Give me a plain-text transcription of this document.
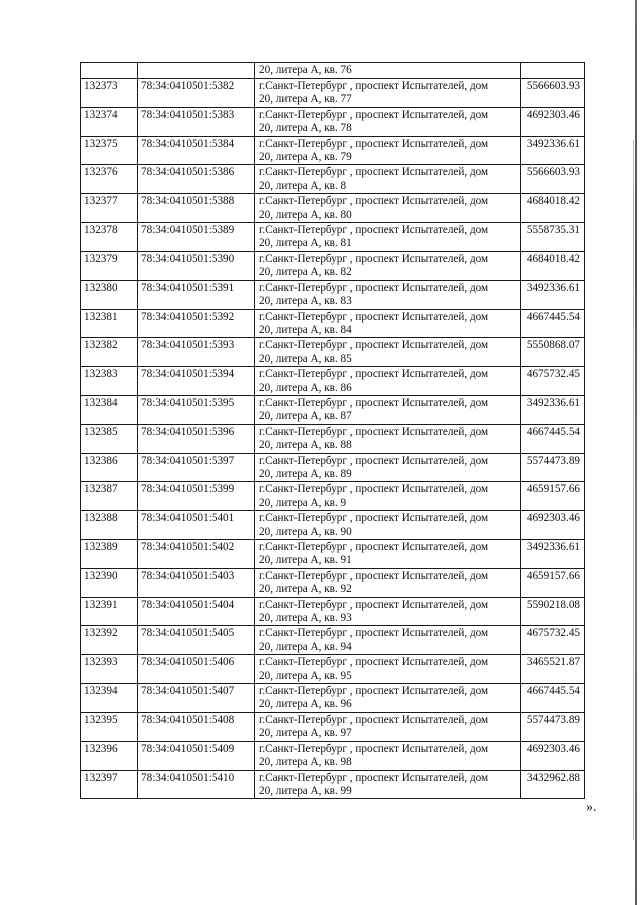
		20, литера А, кв. 76	

132373	78:34:0410501:5382	г.Санкт-Петербург , проспект Испытателей, дом
20, литера А, кв. 77	5566603.93
132374	78:34:0410501:5383	г.Санкт-Петербург , проспект Испытателей, дом
20, литера А, кв. 78	4692303.46
132375	78:34:0410501:5384	г.Санкт-Петербург , проспект Испытателей, дом
20, литера А, кв. 79	3492336.61
132376	78:34:0410501:5386	г.Санкт-Петербург , проспект Испытателей, дом
20, литера А, кв. 8	5566603.93
132377	78:34:0410501:5388	г.Санкт-Петербург , проспект Испытателей, дом
20, литера А, кв. 80	4684018.42
132378	78:34:0410501:5389	г.Санкт-Петербург , проспект Испытателей, дом
20, литера А, кв. 81	5558735.31
132379	78:34:0410501:5390	г.Санкт-Петербург , проспект Испытателей, дом
20, литера А, кв. 82	4684018.42
132380	78:34:0410501:5391	г.Санкт-Петербург , проспект Испытателей, дом
20, литера А, кв. 83	3492336.61
132381	78:34:0410501:5392	г.Санкт-Петербург , проспект Испытателей, дом
20, литера А, кв. 84	4667445.54
132382	78:34:0410501:5393	г.Санкт-Петербург , проспект Испытателей, дом
20, литера А, кв. 85	5550868.07
132383	78:34:0410501:5394	г.Санкт-Петербург , проспект Испытателей, дом
20, литера А, кв. 86	4675732.45
132384	78:34:0410501:5395	г.Санкт-Петербург , проспект Испытателей, дом
20, литера А, кв. 87	3492336.61
132385	78:34:0410501:5396	г.Санкт-Петербург , проспект Испытателей, дом
20, литера А, кв. 88	4667445.54
132386	78:34:0410501:5397	г.Санкт-Петербург , проспект Испытателей, дом
20, литера А, кв. 89	5574473.89
132387	78:34:0410501:5399	г.Санкт-Петербург , проспект Испытателей, дом
20, литера А, кв. 9	4659157.66
132388	78:34:0410501:5401	г.Санкт-Петербург , проспект Испытателей, дом
20, литера А, кв. 90	4692303.46
132389	78:34:0410501:5402	г.Санкт-Петербург , проспект Испытателей, дом
20, литера А, кв. 91	3492336.61
132390	78:34:0410501:5403	г.Санкт-Петербург , проспект Испытателей, дом
20, литера А, кв. 92	4659157.66
132391	78:34:0410501:5404	г.Санкт-Петербург , проспект Испытателей, дом
20, литера А, кв. 93	5590218.08
132392	78:34:0410501:5405	г.Санкт-Петербург , проспект Испытателей, дом
20, литера А, кв. 94	4675732.45
132393	78:34:0410501:5406	г.Санкт-Петербург , проспект Испытателей, дом
20, литера А, кв. 95	3465521.87
132394	78:34:0410501:5407	г.Санкт-Петербург , проспект Испытателей, дом
20, литера А, кв. 96	4667445.54
132395	78:34:0410501:5408	г.Санкт-Петербург , проспект Испытателей, дом
20, литера А, кв. 97	5574473.89
132396	78:34:0410501:5409	г.Санкт-Петербург , проспект Испытателей, дом
20, литера А, кв. 98	4692303.46
132397	78:34:0410501:5410	г.Санкт-Петербург , проспект Испытателей, дом
20, литера А, кв. 99	3432962.88
».
